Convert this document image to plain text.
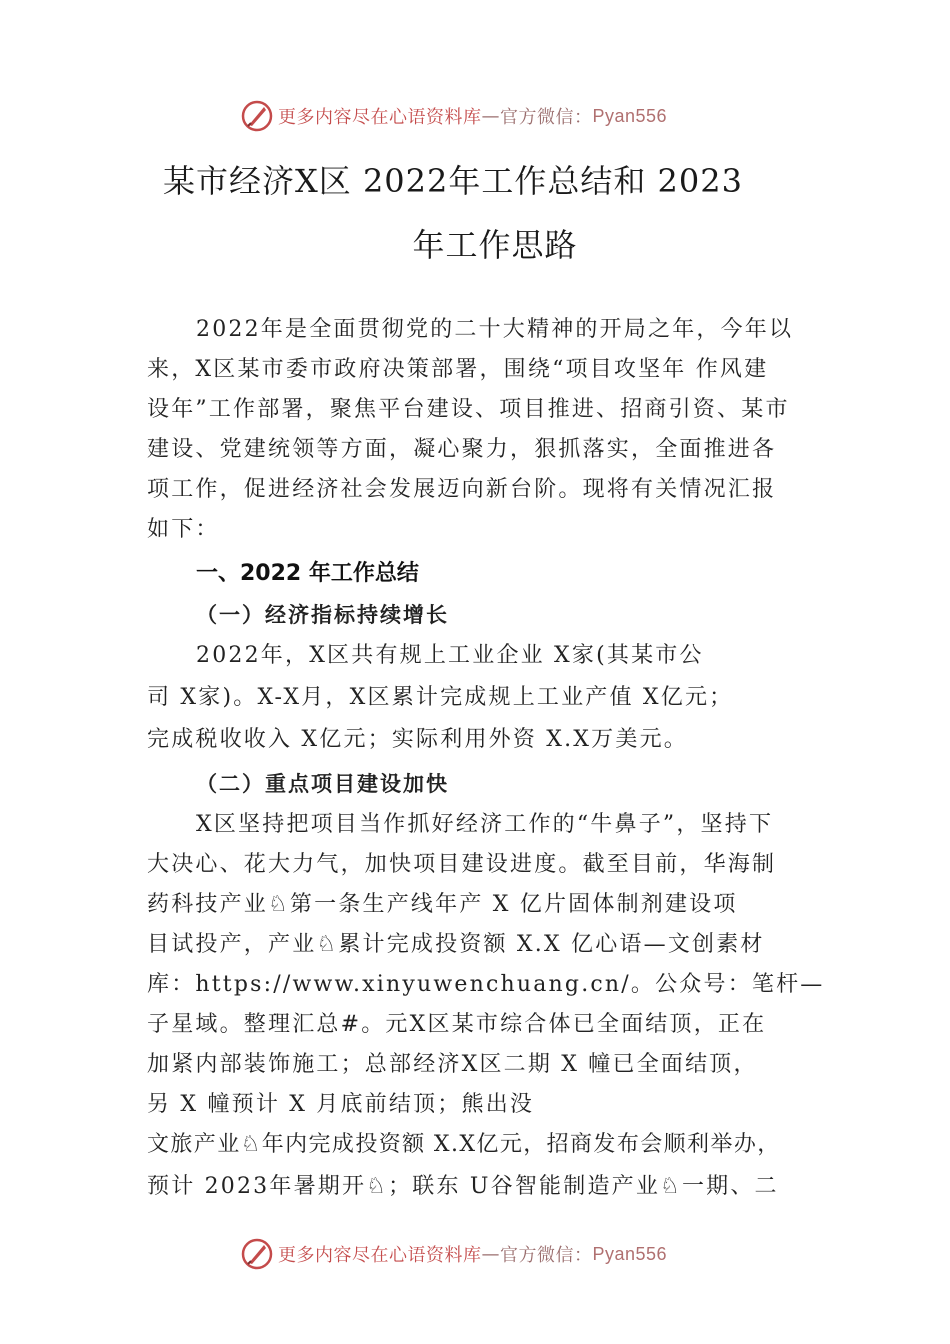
更多内容尽在心语资料库 — 官方微信： Pyan556
某市经济X区 2022年工作总结和 2023
年工作思路
2022年是全面贯彻党的二十大精神的开局之年，今年以
来，X区某市委市政府决策部署，围绕“项目攻坚年 作风建
设年”工作部署，聚焦平台建设、项目推进、招商引资、某市
建设、党建统领等方面，凝心聚力，狠抓落实，全面推进各
项工作，促进经济社会发展迈向新台阶。现将有关情况汇报
如下：
一、2022 年工作总结
（一）经济指标持续增长
2022年，X区共有规上工业企业 X家(其某市公
司 X家)。X-X月，X区累计完成规上工业产值 X亿元；
完成税收收入 X亿元；实际利用外资 X.X万美元。
（二）重点项目建设加快
X区坚持把项目当作抓好经济工作的“牛鼻子”，坚持下
大决心、花大力气，加快项目建设进度。截至目前，华海制
药科技产业♘第一条生产线年产 X 亿片固体制剂建设项
目试投产，产业♘累计完成投资额 X.X 亿心语—文创素材
库：https://www.xinyuwenchuang.cn/。公众号：笔杆—
子星域。整理汇总#。元X区某市综合体已全面结顶，正在
加紧内部装饰施工；总部经济X区二期 X 幢已全面结顶，
另 X 幢预计 X 月底前结顶；熊出没
文旅产业♘年内完成投资额 X.X亿元，招商发布会顺利举办，
预计 2023年暑期开♘；联东 U谷智能制造产业♘一期、二
更多内容尽在心语资料库 — 官方微信： Pyan556
